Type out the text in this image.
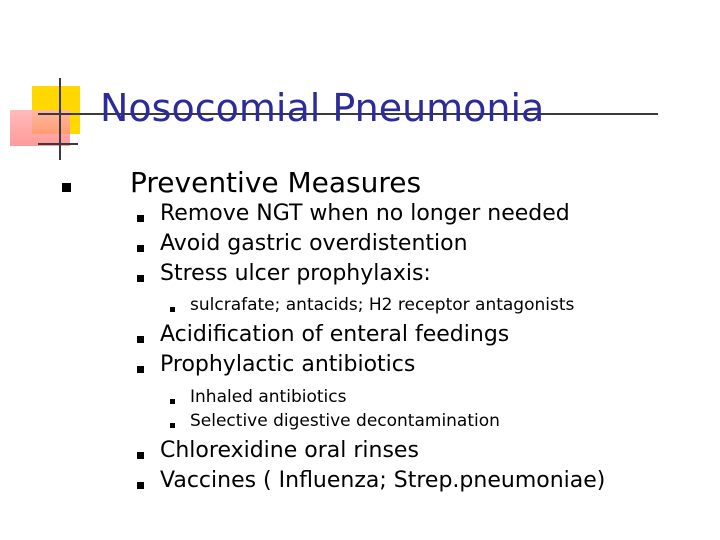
Nosocomial Pneumonia
Preventive Measures
Remove NGT when no longer needed
Avoid gastric overdistention
Stress ulcer prophylaxis:
sulcrafate; antacids; H2 receptor antagonists
Acidification of enteral feedings
Prophylactic antibiotics
Inhaled antibiotics
Selective digestive decontamination
Chlorexidine oral rinses
Vaccines ( Influenza; Strep.pneumoniae)
